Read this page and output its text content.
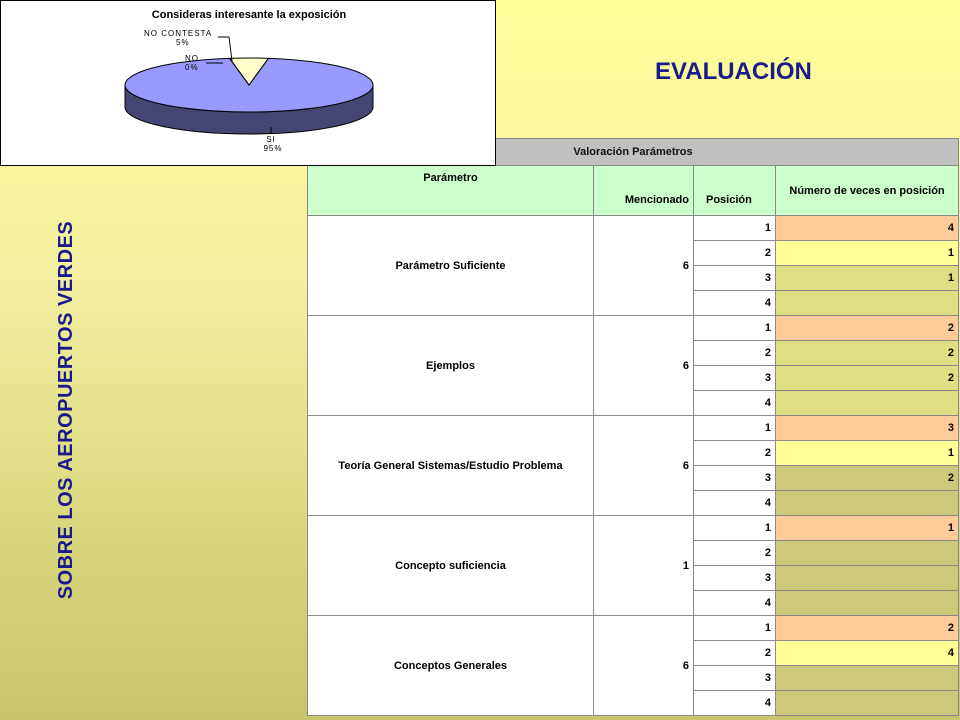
SOBRE LOS AEROPUERTOS VERDES
EVALUACIÓN
Consideras interesante la exposición
NO CONTESTA
5%
NO
0%
SI
95%	Valoración Parámetros			
Parámetro	Mencionado	Posición	Número de veces en posición
Parámetro Suficiente	6	1	4
		2	1
		3	1
		4	
Ejemplos	6	1	2
		2	2
		3	2
		4	
Teoría General Sistemas/Estudio Problema	6	1	3
		2	1
		3	2
		4	
Concepto suficiencia	1	1	1
		2	
		3	
		4	
Conceptos Generales	6	1	2
		2	4
		3	
		4	
